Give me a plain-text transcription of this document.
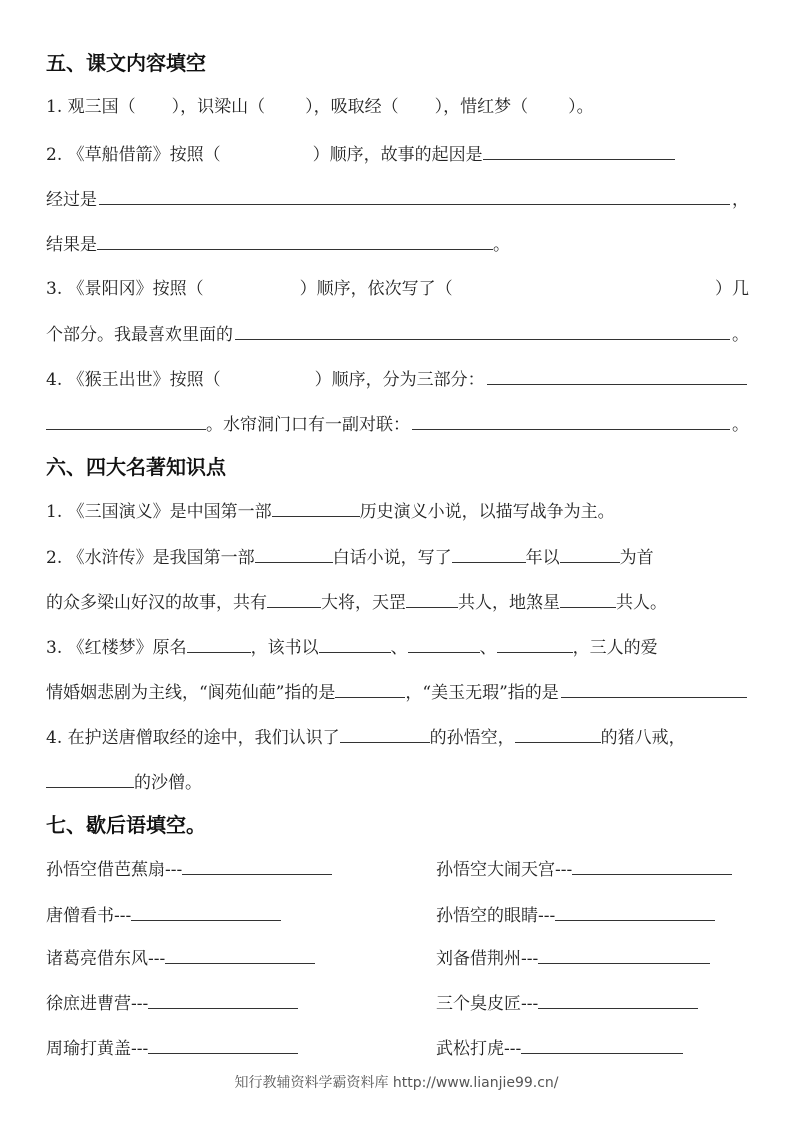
五、课文内容填空
1. 观三国（ ），识梁山（ ），吸取经（ ），惜红梦（ ）。
2.
《草船借箭》按照（	）顺序，故事的起因是
经过是	，
结果是	。
3.
《景阳冈》按照（	）顺序，依次写了（	）几
个部分。我最喜欢里面的	。
4.
《猴王出世》按照（	）顺序，分为三部分：
。水帘洞门口有一副对联：	。
六、四大名著知识点
1.
《三国演义》是中国第一部	历史演义小说，以描写战争为主。
2.
《水浒传》是我国第一部	白话小说，写了	年以	为首
的众多梁山好汉的故事，共有	大将，天罡	共人，地煞星	共人。
3.
《红楼梦》原名	，该书以	、	、	，三人的爱
情婚姻悲剧为主线，“阆苑仙葩”指的是	，“美玉无瑕”指的是
4.
在护送唐僧取经的途中，我们认识了	的孙悟空，	的猪八戒，
的沙僧。
七、歇后语填空。
孙悟空借芭蕉扇---	孙悟空大闹天宫---
唐僧看书---	孙悟空的眼睛---
诸葛亮借东风---	刘备借荆州---
徐庶进曹营---	三个臭皮匠---
周瑜打黄盖---	武松打虎---
知行教辅资料学霸资料库 http://www.lianjie99.cn/
